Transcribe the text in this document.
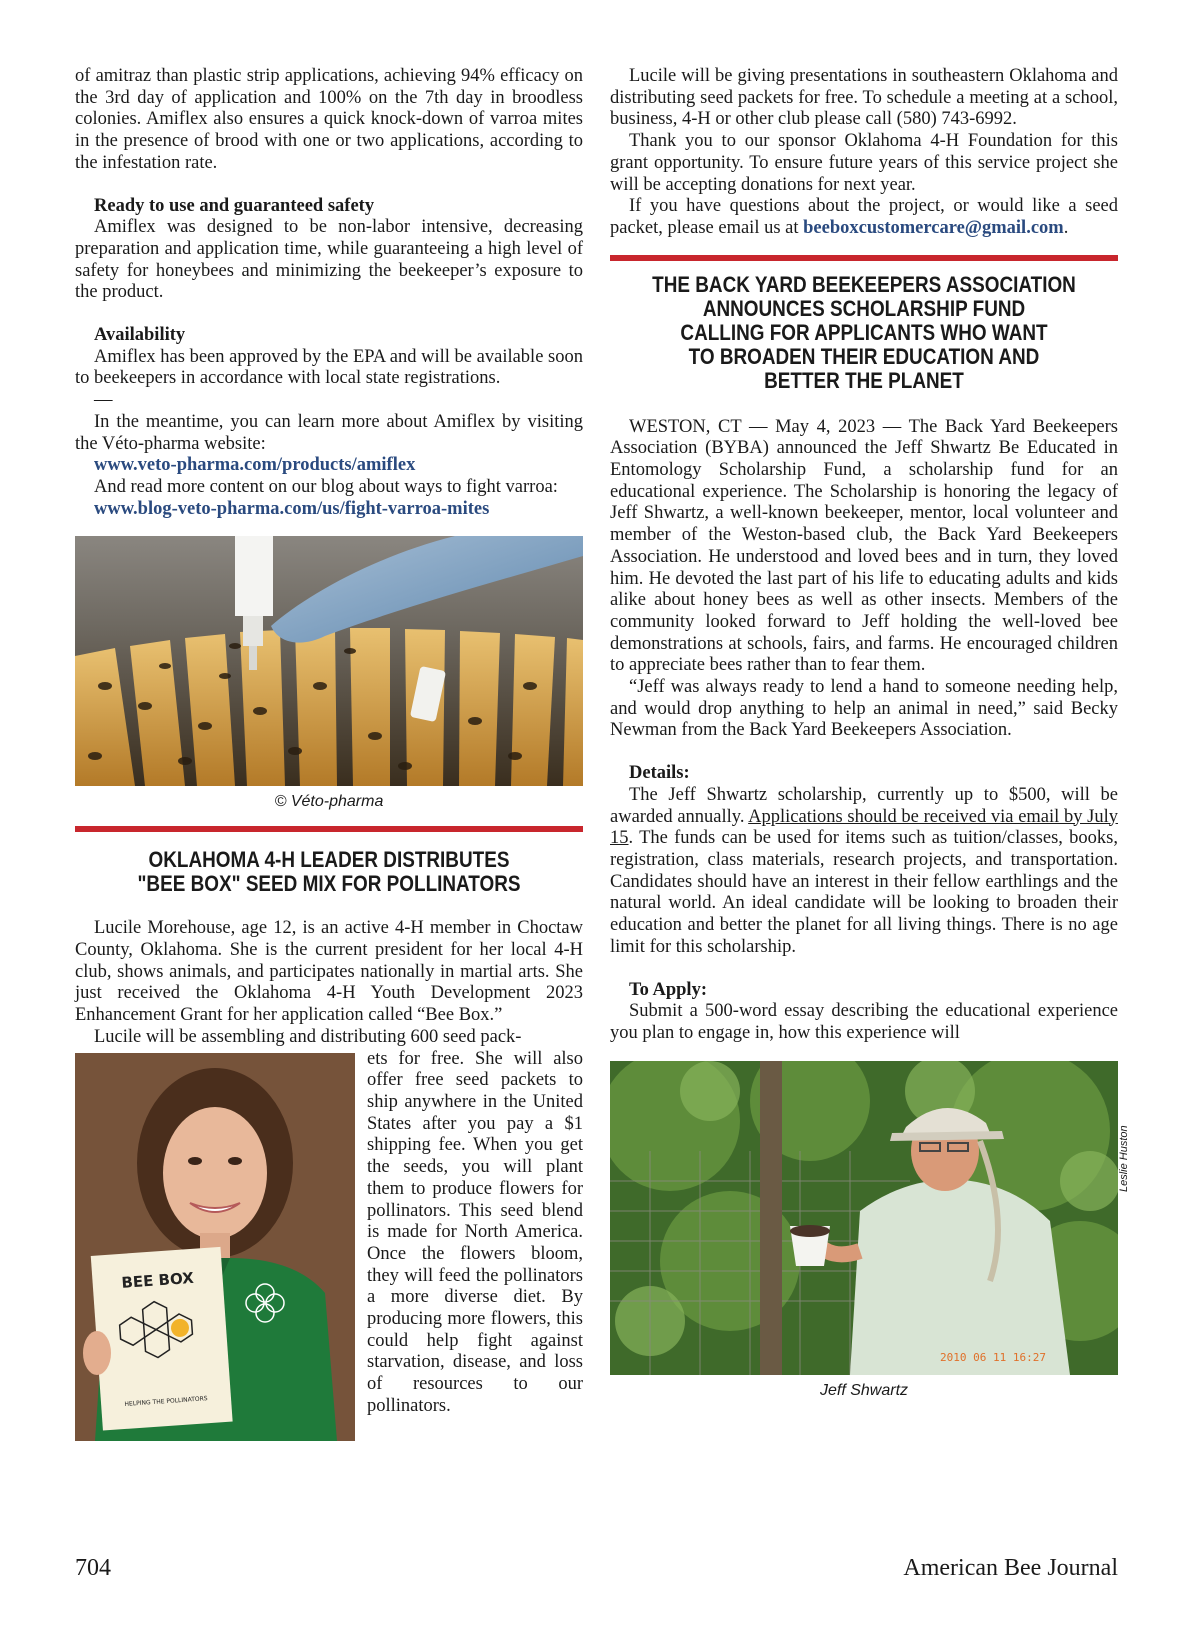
of amitraz than plastic strip applications, achieving 94% efficacy on the 3rd day of application and 100% on the 7th day in broodless colonies. Amiflex also ensures a quick knock-down of varroa mites in the presence of brood with one or two applications, according to the infestation rate.

Ready to use and guaranteed safety

Amiflex was designed to be non-labor intensive, decreasing preparation and application time, while guaranteeing a high level of safety for honeybees and minimizing the beekeeper’s exposure to the product.

Availability

Amiflex has been approved by the EPA and will be available soon to beekeepers in accordance with local state registrations.

—

In the meantime, you can learn more about Amiflex by visiting the Véto-pharma website:

www.veto-pharma.com/products/amiflex

And read more content on our blog about ways to fight varroa:

www.blog-veto-pharma.com/us/fight-varroa-mites

© Véto-pharma
OKLAHOMA 4-H LEADER DISTRIBUTES
"BEE BOX" SEED MIX FOR POLLINATORS

Lucile Morehouse, age 12, is an active 4-H member in Choctaw County, Oklahoma. She is the current president for her local 4-H club, shows animals, and participates nationally in martial arts. She just received the Oklahoma 4-H Youth Development 2023 Enhancement Grant for her application called “Bee Box.”

Lucile will be assembling and distributing 600 seed pack-

BEE BOX
HELPING THE POLLINATORS

ets for free. She will also offer free seed packets to ship anywhere in the United States after you pay a $1 shipping fee. When you get the seeds, you will plant them to produce flowers for pollinators. This seed blend is made for North America. Once the flowers bloom, they will feed the pollinators a more diverse diet. By producing more flowers, this could help fight against starvation, disease, and loss of resources to our pollinators.

Lucile will be giving presentations in southeastern Oklahoma and distributing seed packets for free. To schedule a meeting at a school, business, 4-H or other club please call (580) 743-6992.

Thank you to our sponsor Oklahoma 4-H Foundation for this grant opportunity. To ensure future years of this service project she will be accepting donations for next year.

If you have questions about the project, or would like a seed packet, please email us at beeboxcustomercare@gmail.com.

THE BACK YARD BEEKEEPERS ASSOCIATION
ANNOUNCES SCHOLARSHIP FUND
CALLING FOR APPLICANTS WHO WANT
TO BROADEN THEIR EDUCATION AND
BETTER THE PLANET

WESTON, CT — May 4, 2023 — The Back Yard Beekeepers Association (BYBA) announced the Jeff Shwartz Be Educated in Entomology Scholarship Fund, a scholarship fund for an educational experience. The Scholarship is honoring the legacy of Jeff Shwartz, a well-known beekeeper, mentor, local volunteer and member of the Weston-based club, the Back Yard Beekeepers Association. He understood and loved bees and in turn, they loved him. He devoted the last part of his life to educating adults and kids alike about honey bees as well as other insects. Members of the community looked forward to Jeff holding the well-loved bee demonstrations at schools, fairs, and farms. He encouraged children to appreciate bees rather than to fear them.

“Jeff was always ready to lend a hand to someone needing help, and would drop anything to help an animal in need,” said Becky Newman from the Back Yard Beekeepers Association.

Details:

The Jeff Shwartz scholarship, currently up to $500, will be awarded annually. Applications should be received via email by July 15. The funds can be used for items such as tuition/classes, books, registration, class materials, research projects, and transportation. Candidates should have an interest in their fellow earthlings and the natural world. An ideal candidate will be looking to broaden their education and better the planet for all living things. There is no age limit for this scholarship.

To Apply:

Submit a 500-word essay describing the educational experience you plan to engage in, how this experience will

2010 06 11 16:27
Jeff Shwartz
Leslie Huston
704	American Bee Journal
